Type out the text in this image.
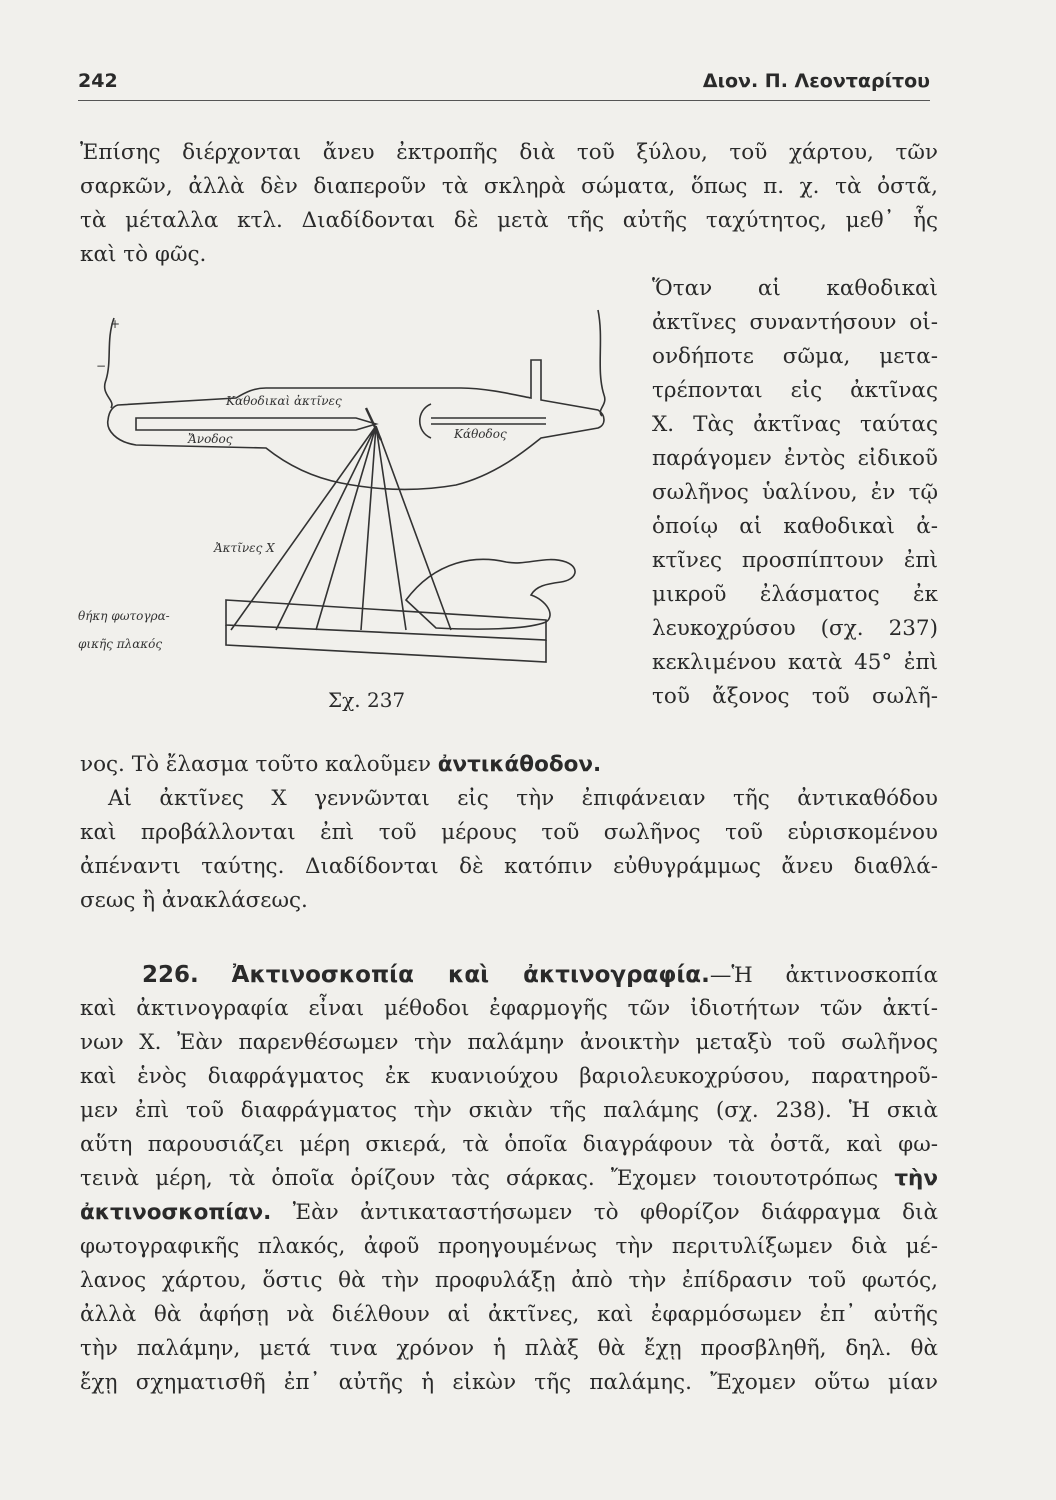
242	Διον. Π. Λεονταρίτου
Ἐπίσης διέρχονται ἄνευ ἐκτροπῆς διὰ τοῦ ξύλου, τοῦ χάρτου, τῶν
σαρκῶν, ἀλλὰ δὲν διαπεροῦν τὰ σκληρὰ σώματα, ὅπως π. χ. τὰ ὀστᾶ,
τὰ μέταλλα κτλ. Διαδίδονται δὲ μετὰ τῆς αὐτῆς ταχύτητος, μεθ᾿ ἧς
καὶ τὸ φῶς.
Ὅταν αἱ καθοδικαὶ
ἀκτῖνες συναντήσουν οἱ-
ονδήποτε σῶμα, μετα-
τρέπονται εἰς ἀκτῖνας
Χ. Τὰς ἀκτῖνας ταύτας
παράγομεν ἐντὸς εἰδικοῦ
σωλῆνος ὑαλίνου, ἐν τῷ
ὁποίῳ αἱ καθοδικαὶ ἀ-
κτῖνες προσπίπτουν ἐπὶ
μικροῦ ἐλάσματος ἐκ
λευκοχρύσου (σχ. 237)
κεκλιμένου κατὰ 45° ἐπὶ
τοῦ ἄξονος τοῦ σωλῆ-
+
−
Καθοδικαὶ ἀκτῖνες
Ἄνοδος	Κάθοδος
Ἀκτῖνες Χ
θήκη φωτογρα-
φικῆς πλακός
Σχ. 237
νος. Τὸ ἔλασμα τοῦτο καλοῦμεν ἀντικάθοδον.
Αἱ ἀκτῖνες Χ γεννῶνται εἰς τὴν ἐπιφάνειαν τῆς ἀντικαθόδου
καὶ προβάλλονται ἐπὶ τοῦ μέρους τοῦ σωλῆνος τοῦ εὑρισκομένου
ἀπέναντι ταύτης. Διαδίδονται δὲ κατόπιν εὐθυγράμμως ἄνευ διαθλά-
σεως ἢ ἀνακλάσεως.
226. Ἀκτινοσκοπία καὶ ἀκτινογραφία.—Ἡ ἀκτινοσκοπία
καὶ ἀκτινογραφία εἶναι μέθοδοι ἐφαρμογῆς τῶν ἰδιοτήτων τῶν ἀκτί-
νων Χ. Ἐὰν παρενθέσωμεν τὴν παλάμην ἀνοικτὴν μεταξὺ τοῦ σωλῆνος
καὶ ἑνὸς διαφράγματος ἐκ κυανιούχου βαριολευκοχρύσου, παρατηροῦ-
μεν ἐπὶ τοῦ διαφράγματος τὴν σκιὰν τῆς παλάμης (σχ. 238). Ἡ σκιὰ
αὕτη παρουσιάζει μέρη σκιερά, τὰ ὁποῖα διαγράφουν τὰ ὀστᾶ, καὶ φω-
τεινὰ μέρη, τὰ ὁποῖα ὁρίζουν τὰς σάρκας. Ἔχομεν τοιουτοτρόπως τὴν
ἀκτινοσκοπίαν. Ἐὰν ἀντικαταστήσωμεν τὸ φθορίζον διάφραγμα διὰ
φωτογραφικῆς πλακός, ἀφοῦ προηγουμένως τὴν περιτυλίξωμεν διὰ μέ-
λανος χάρτου, ὅστις θὰ τὴν προφυλάξῃ ἀπὸ τὴν ἐπίδρασιν τοῦ φωτός,
ἀλλὰ θὰ ἀφήσῃ νὰ διέλθουν αἱ ἀκτῖνες, καὶ ἐφαρμόσωμεν ἐπ᾿ αὐτῆς
τὴν παλάμην, μετά τινα χρόνον ἡ πλὰξ θὰ ἔχῃ προσβληθῆ, δηλ. θὰ
ἔχῃ σχηματισθῆ ἐπ᾿ αὐτῆς ἡ εἰκὼν τῆς παλάμης. Ἔχομεν οὕτω μίαν
